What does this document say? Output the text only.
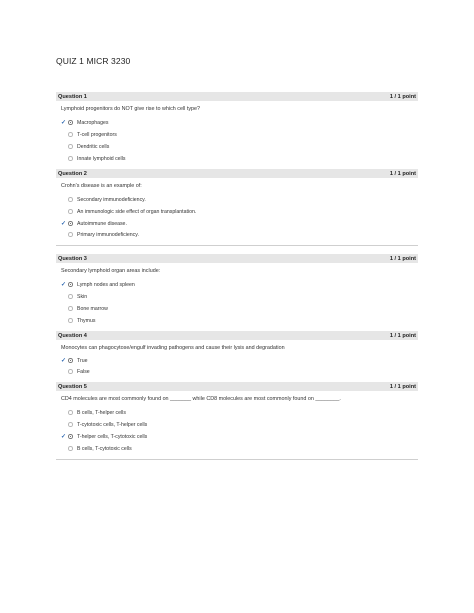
QUIZ 1 MICR 3230
Question 1	1 / 1 point
Lymphoid progenitors do NOT give rise to which cell type?
✓ Macrophages
T-cell progenitors
Dendritic cells
Innate lymphoid cells
Question 2	1 / 1 point
Crohn's disease is an example of:
Secondary immunodeficiency.
An immunologic side effect of organ transplantation.
✓ Autoimmune disease.
Primary immunodeficiency.
Question 3	1 / 1 point
Secondary lymphoid organ areas include:
✓ Lymph nodes and spleen
Skin
Bone marrow
Thymus
Question 4	1 / 1 point
Monocytes can phagocytose/engulf invading pathogens and cause their lysis and degradation
✓ True
False
Question 5	1 / 1 point
CD4 molecules are most commonly found on _______ while CD8 molecules are most commonly found on ________.
B cells, T-helper cells
T-cytotoxic cells, T-helper cells
✓ T-helper cells, T-cytotoxic cells
B cells, T-cytotoxic cells
